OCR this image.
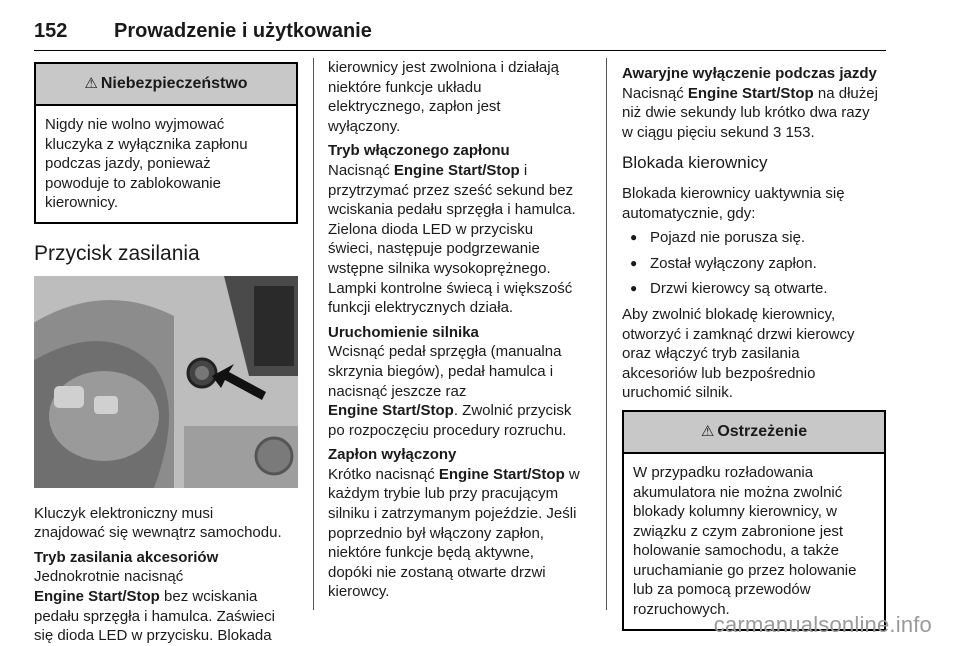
152 Prowadzenie i użytkowanie
⚠ Niebezpieczeństwo
Nigdy nie wolno wyjmować
kluczyka z wyłącznika zapłonu
podczas jazdy, ponieważ
powoduje to zablokowanie
kierownicy.
Przycisk zasilania
Kluczyk elektroniczny musi
znajdować się wewnątrz samochodu.
Tryb zasilania akcesoriów
Jednokrotnie nacisnąć
Engine Start/Stop bez wciskania
pedału sprzęgła i hamulca. Zaświeci
się dioda LED w przycisku. Blokada
kierownicy jest zwolniona i działają
niektóre funkcje układu
elektrycznego, zapłon jest
wyłączony.
Tryb włączonego zapłonu
Nacisnąć Engine Start/Stop i
przytrzymać przez sześć sekund bez
wciskania pedału sprzęgła i hamulca.
Zielona dioda LED w przycisku
świeci, następuje podgrzewanie
wstępne silnika wysokoprężnego.
Lampki kontrolne świecą i większość
funkcji elektrycznych działa.
Uruchomienie silnika
Wcisnąć pedał sprzęgła (manualna
skrzynia biegów), pedał hamulca i
nacisnąć jeszcze raz
Engine Start/Stop. Zwolnić przycisk
po rozpoczęciu procedury rozruchu.
Zapłon wyłączony
Krótko nacisnąć Engine Start/Stop w
każdym trybie lub przy pracującym
silniku i zatrzymanym pojeździe. Jeśli
poprzednio był włączony zapłon,
niektóre funkcje będą aktywne,
dopóki nie zostaną otwarte drzwi
kierowcy.
Awaryjne wyłączenie podczas jazdy
Nacisnąć Engine Start/Stop na dłużej
niż dwie sekundy lub krótko dwa razy
w ciągu pięciu sekund 3 153.
Blokada kierownicy
Blokada kierownicy uaktywnia się
automatycznie, gdy:
● Pojazd nie porusza się.
● Został wyłączony zapłon.
● Drzwi kierowcy są otwarte.
Aby zwolnić blokadę kierownicy,
otworzyć i zamknąć drzwi kierowcy
oraz włączyć tryb zasilania
akcesoriów lub bezpośrednio
uruchomić silnik.
⚠ Ostrzeżenie
W przypadku rozładowania
akumulatora nie można zwolnić
blokady kolumny kierownicy, w
związku z czym zabronione jest
holowanie samochodu, a także
uruchamianie go przez holowanie
lub za pomocą przewodów
rozruchowych.
carmanualsonline.info
